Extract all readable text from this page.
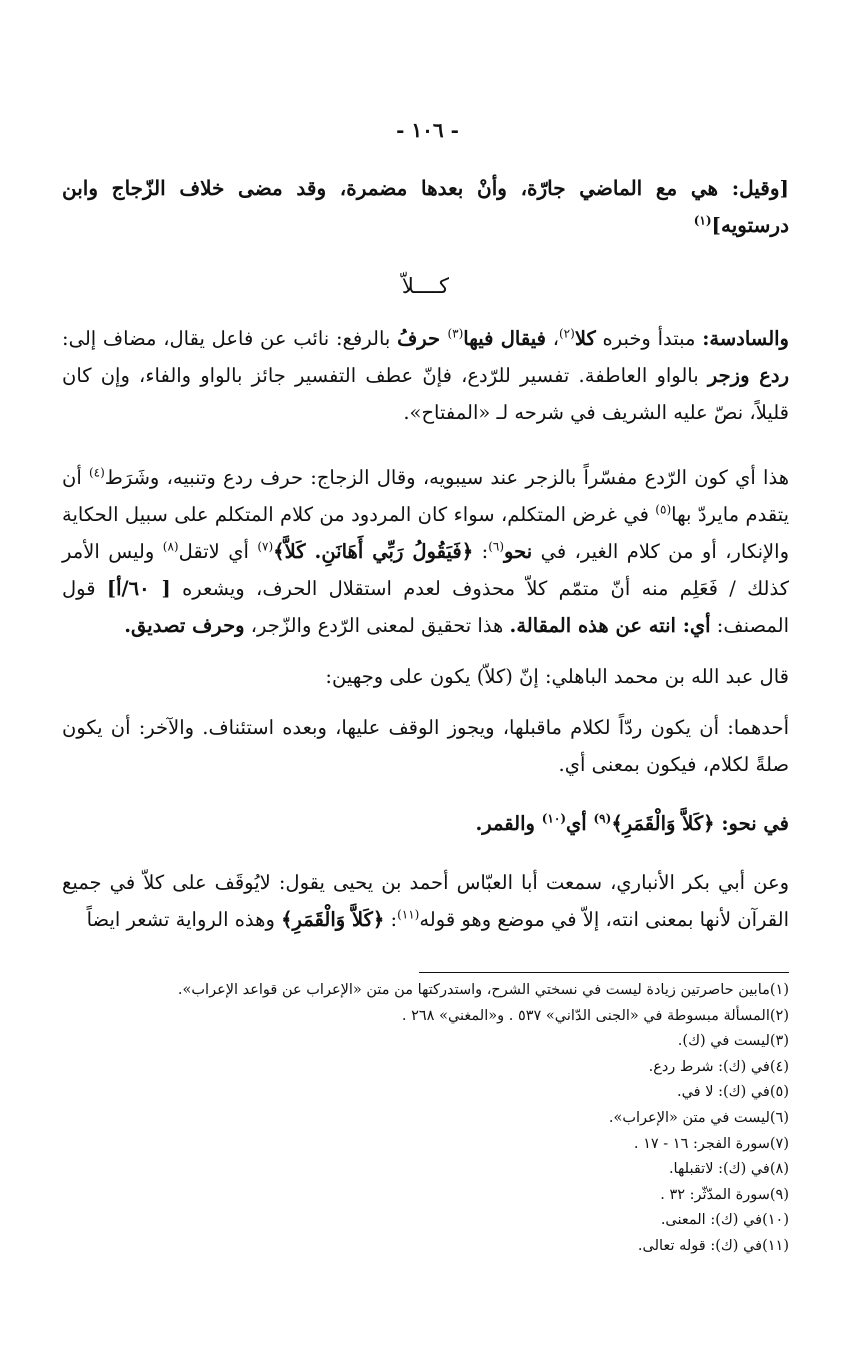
- ١٠٦ -

[وقيل: هي مع الماضي جارّة، وأنْ بعدها مضمرة، وقد مضى خلاف الزّجاج وابن درستويه]$^{(١)}$

كــــلاّ

والسادسة: مبتدأ وخبره كلا$^{(٢)}$، فيقال فيها$^{(٣)}$ حرفُ بالرفع: نائب عن فاعل يقال، مضاف إلى: ردع وزجر بالواو العاطفة. تفسير للرّدع، فإنّ عطف التفسير جائز بالواو والفاء، وإن كان قليلاً، نصّ عليه الشريف في شرحه لـ «المفتاح».

هذا أي كون الرّدع مفسّراً بالزجر عند سيبويه، وقال الزجاج: حرف ردع وتنبيه، وشَرَط$^{(٤)}$ أن يتقدم مايردّ بها$^{(٥)}$ في غرض المتكلم، سواء كان المردود من كلام المتكلم على سبيل الحكاية والإنكار، أو من كلام الغير، في نحو$^{(٦)}$: ﴿فَيَقُولُ رَبِّي أَهَانَنِ. كَلاَّ﴾$^{(٧)}$ أي لاتقل$^{(٨)}$ وليس الأمر كذلك / فَعَلِم منه أنّ متمّم كلاّ محذوف لعدم استقلال الحرف، ويشعره [ ٦٠/أ] قول المصنف: أي: انته عن هذه المقالة. هذا تحقيق لمعنى الرّدع والزّجر، وحرف تصديق.

قال عبد الله بن محمد الباهلي: إنّ (كلاّ) يكون على وجهين:

أحدهما: أن يكون ردّاً لكلام ماقبلها، ويجوز الوقف عليها، وبعده استئناف. والآخر: أن يكون صلةً لكلام، فيكون بمعنى أي.

في نحو: ﴿كَلاَّ وَالْقَمَرِ﴾$^{(٩)}$ أي$^{(١٠)}$ والقمر.

وعن أبي بكر الأنباري، سمعت أبا العبّاس أحمد بن يحيى يقول: لايُوقَف على كلاّ في جميع القرآن لأنها بمعنى انته، إلاّ في موضع وهو قوله$^{(١١)}$: ﴿كَلاَّ وَالْقَمَرِ﴾ وهذه الرواية تشعر ايضاً

(١)مابين حاصرتين زيادة ليست في نسختي الشرح، واستدركتها من متن «الإعراب عن قواعد الإعراب».

(٢)المسألة مبسوطة في «الجنى الدّاني» ٥٣٧ . و«المغني» ٢٦٨ .

(٣)ليست في (ك).

(٤)في (ك): شرط ردع.

(٥)في (ك): لا في.

(٦)ليست في متن «الإعراب».

(٧)سورة الفجر: ١٦ - ١٧ .

(٨)في (ك): لاتقبلها.

(٩)سورة المدّثّر: ٣٢ .

(١٠)في (ك): المعنى.

(١١)في (ك): قوله تعالى.
